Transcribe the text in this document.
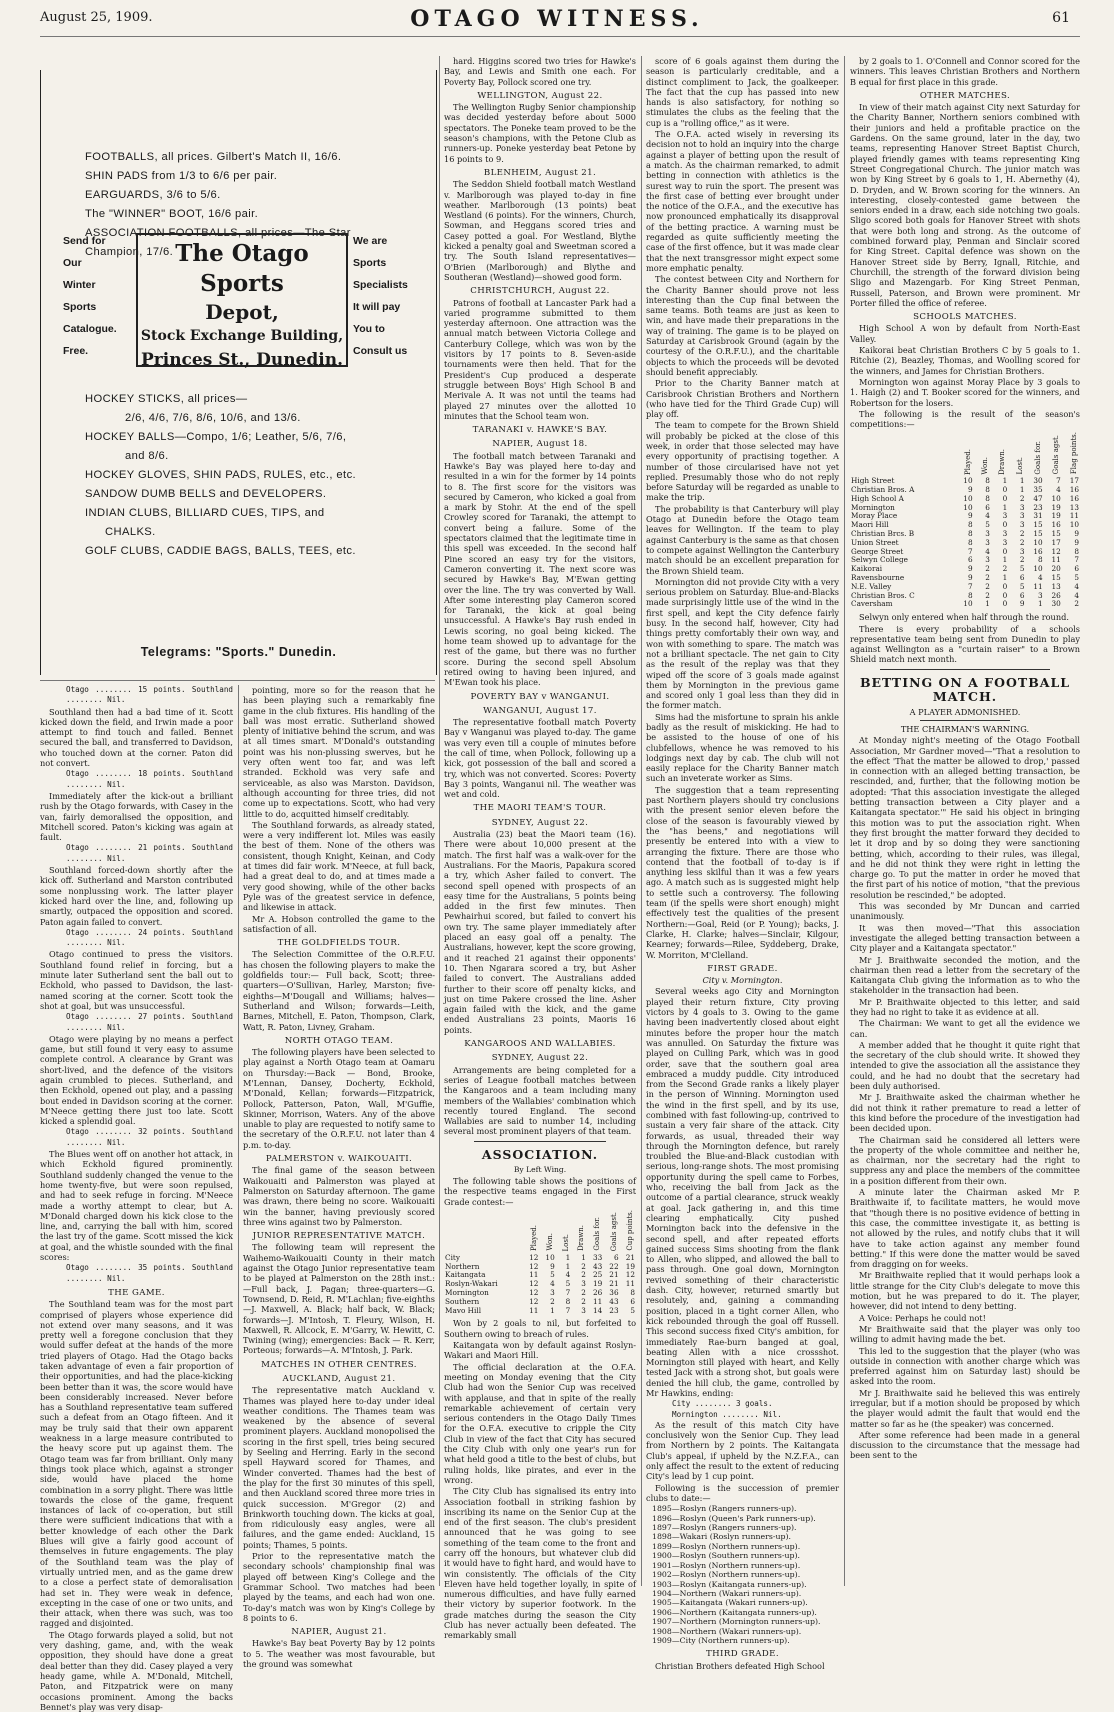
August 25, 1909.	OTAGO WITNESS.	61
FOOTBALLS, all prices. Gilbert's Match II, 16/6.
SHIN PADS from 1/3 to 6/6 per pair.
EARGUARDS, 3/6 to 5/6.
The "WINNER" BOOT, 16/6 pair.
ASSOCIATION FOOTBALLS, all prices—The Star
Champion, 17/6.
Send for
Our
Winter
Sports
Catalogue.
Free.
The Otago Sports
Depot,
Stock Exchange Building,
Princes St., Dunedin.
We are
Sports
Specialists
It will pay
You to
Consult us
HOCKEY STICKS, all prices—
2/6, 4/6, 7/6, 8/6, 10/6, and 13/6.
HOCKEY BALLS—Compo, 1/6; Leather, 5/6, 7/6,
and 8/6.
HOCKEY GLOVES, SHIN PADS, RULES, etc., etc.
SANDOW DUMB BELLS and DEVELOPERS.
INDIAN CLUBS, BILLIARD CUES, TIPS, and
CHALKS.
GOLF CLUBS, CADDIE BAGS, BALLS, TEES, etc.
Telegrams: "Sports." Dunedin.

Otago ........ 15 points. Southland ........ Nil.

Southland then had a bad time of it. Scott kicked down the field, and Irwin made a poor attempt to find touch and failed. Bennet secured the ball, and transferred to Davidson, who touched down at the corner. Paton did not convert.

Otago ........ 18 points. Southland ........ Nil.

Immediately after the kick-out a brilliant rush by the Otago forwards, with Casey in the van, fairly demoralised the opposition, and Mitchell scored. Paton's kicking was again at fault.

Otago ........ 21 points. Southland ........ Nil.

Southland forced-down shortly after the kick off. Sutherland and Marston contributed some nonplussing work. The latter player kicked hard over the line, and, following up smartly, outpaced the opposition and scored. Paton again failed to convert.

Otago ........ 24 points. Southland ........ Nil.

Otago continued to press the visitors. Southland found relief in forcing, but a minute later Sutherland sent the ball out to Eckhold, who passed to Davidson, the last-named scoring at the corner. Scott took the shot at goal, but was unsuccessful.

Otago ........ 27 points. Southland ........ Nil.

Otago were playing by no means a perfect game, but still found it very easy to assume complete control. A clearance by Grant was short-lived, and the defence of the visitors again crumbled to pieces. Sutherland, and then Eckhold, opened out play, and a passing bout ended in Davidson scoring at the corner. M'Neece getting there just too late. Scott kicked a splendid goal.

Otago ........ 32 points. Southland ........ Nil.

The Blues went off on another hot attack, in which Eckhold figured prominently. Southland suddenly changed the venue to the home twenty-five, but were soon repulsed, and had to seek refuge in forcing. M'Neece made a worthy attempt to clear, but A. M'Donald charged down his kick close to the line, and, carrying the ball with him, scored the last try of the game. Scott missed the kick at goal, and the whistle sounded with the final scores:

Otago ........ 35 points. Southland ........ Nil.

THE GAME.

The Southland team was for the most part comprised of players whose experience did not extend over many seasons, and it was pretty well a foregone conclusion that they would suffer defeat at the hands of the more tried players of Otago. Had the Otago backs taken advantage of even a fair proportion of their opportunities, and had the place-kicking been better than it was, the score would have been considerably increased. Never before has a Southland representative team suffered such a defeat from an Otago fifteen. And it may be truly said that their own apparent weakness in a large measure contributed to the heavy score put up against them. The Otago team was far from brilliant. Only many things took place which, against a stronger side, would have placed the home combination in a sorry plight. There was little towards the close of the game, frequent instances of lack of co-operation, but still there were sufficient indications that with a better knowledge of each other the Dark Blues will give a fairly good account of themselves in future engagements. The play of the Southland team was the play of virtually untried men, and as the game drew to a close a perfect state of demoralisation had set in. They were weak in defence, excepting in the case of one or two units, and their attack, when there was such, was too ragged and disjointed.

The Otago forwards played a solid, but not very dashing, game, and, with the weak opposition, they should have done a great deal better than they did. Casey played a very heady game, while A. M'Donald, Mitchell, Paton, and Fitzpatrick were on many occasions prominent. Among the backs Bennet's play was very disap-

pointing, more so for the reason that he has been playing such a remarkably fine game in the club fixtures. His handling of the ball was most erratic. Sutherland showed plenty of initiative behind the scrum, and was at all times smart. M'Donald's outstanding point was his non-plussing swerves, but he very often went too far, and was left stranded. Eckhold was very safe and serviceable, as also was Marston. Davidson, although accounting for three tries, did not come up to expectations. Scott, who had very little to do, acquitted himself creditably.

The Southland forwards, as already stated, were a very indifferent lot. Miles was easily the best of them. None of the others was consistent, though Knight, Keinan, and Cody at times did fair work. M'Neece, at full back, had a great deal to do, and at times made a very good showing, while of the other backs Pyle was of the greatest service in defence, and likewise in attack.

Mr A. Hobson controlled the game to the satisfaction of all.

THE GOLDFIELDS TOUR.

The Selection Committee of the O.R.F.U. has chosen the following players to make the goldfields tour:— Full back, Scott; three-quarters—O'Sullivan, Harley, Marston; five-eighths—M'Dougall and Williams; halves—Sutherland and Wilson; forwards—Leith, Barnes, Mitchell, E. Paton, Thompson, Clark, Watt, R. Paton, Livney, Graham.

NORTH OTAGO TEAM.

The following players have been selected to play against a North Otago team at Oamaru on Thursday:—Back — Bond, Brooke, M'Lennan, Dansey, Docherty, Eckhold, M'Donald, Kellan; forwards—Fitzpatrick, Pollock, Patterson, Paton, Wall, M'Guffie, Skinner, Morrison, Waters. Any of the above unable to play are requested to notify same to the secretary of the O.R.F.U. not later than 4 p.m. to-day.

PALMERSTON v. WAIKOUAITI.

The final game of the season between Waikouaiti and Palmerston was played at Palmerston on Saturday afternoon. The game was drawn, there being no score. Waikouaiti win the banner, having previously scored three wins against two by Palmerston.

JUNIOR REPRESENTATIVE MATCH.

The following team will represent the Waihemo-Waikouaiti County in their match against the Otago Junior representative team to be played at Palmerston on the 28th inst.:—Full back, J. Pagan; three-quarters—G. Townsend, D. Reid, R. M'Lachlan; five-eighths—J. Maxwell, A. Black; half back, W. Black; forwards—J. M'Intosh, T. Fleury, Wilson, H. Maxwell, R. Allcock, E. M'Garry, W. Hewitt, C. Twining (wing); emergencies: Back — R. Kerr, Porteous; forwards—A. M'Intosh, J. Park.

MATCHES IN OTHER CENTRES.

AUCKLAND, August 21.

The representative match Auckland v. Thames was played here to-day under ideal weather conditions. The Thames team was weakened by the absence of several prominent players. Auckland monopolised the scoring in the first spell, tries being secured by Seeling and Herring. Early in the second spell Hayward scored for Thames, and Winder converted. Thames had the best of the play for the first 30 minutes of this spell, and then Auckland scored three more tries in quick succession. M'Gregor (2) and Brinkworth touching down. The kicks at goal, from ridiculously easy angles, were all failures, and the game ended: Auckland, 15 points; Thames, 5 points.

Prior to the representative match the secondary schools' championship final was played off between King's College and the Grammar School. Two matches had been played by the teams, and each had won one. To-day's match was won by King's College by 8 points to 6.

NAPIER, August 21.

Hawke's Bay beat Poverty Bay by 12 points to 5. The weather was most favourable, but the ground was somewhat

hard. Higgins scored two tries for Hawke's Bay, and Lewis and Smith one each. For Poverty Bay, Pollock scored one try.

WELLINGTON, August 22.

The Wellington Rugby Senior championship was decided yesterday before about 5000 spectators. The Poneke team proved to be the season's champions, with the Petone Club as runners-up. Poneke yesterday beat Petone by 16 points to 9.

BLENHEIM, August 21.

The Seddon Shield football match Westland v. Marlborough was played to-day in fine weather. Marlborough (13 points) beat Westland (6 points). For the winners, Church, Sowman, and Heggans scored tries and Casey potted a goal. For Westland, Blythe kicked a penalty goal and Sweetman scored a try. The South Island representatives—O'Brien (Marlborough) and Blythe and Southeran (Westland)—showed good form.

CHRISTCHURCH, August 22.

Patrons of football at Lancaster Park had a varied programme submitted to them yesterday afternoon. One attraction was the annual match between Victoria College and Canterbury College, which was won by the visitors by 17 points to 8. Seven-aside tournaments were then held. That for the President's Cup produced a desperate struggle between Boys' High School B and Merivale A. It was not until the teams had played 27 minutes over the allotted 10 minutes that the School team won.

TARANAKI v. HAWKE'S BAY.

NAPIER, August 18.

The football match between Taranaki and Hawke's Bay was played here to-day and resulted in a win for the former by 14 points to 8. The first score for the visitors was secured by Cameron, who kicked a goal from a mark by Stohr. At the end of the spell Crowley scored for Taranaki, the attempt to convert being a failure. Some of the spectators claimed that the legitimate time in this spell was exceeded. In the second half Pine scored an easy try for the visitors, Cameron converting it. The next score was secured by Hawke's Bay, M'Ewan getting over the line. The try was converted by Wall. After some interesting play Cameron scored for Taranaki, the kick at goal being unsuccessful. A Hawke's Bay rush ended in Lewis scoring, no goal being kicked. The home team showed up to advantage for the rest of the game, but there was no further score. During the second spell Absolum retired owing to having been injured, and M'Ewan took his place.

POVERTY BAY v WANGANUI.

WANGANUI, August 17.

The representative football match Poverty Bay v Wanganui was played to-day. The game was very even till a couple of minutes before the call of time, when Pollock, following up a kick, got possession of the ball and scored a try, which was not converted. Scores: Poverty Bay 3 points, Wanganui nil. The weather was wet and cold.

THE MAORI TEAM'S TOUR.

SYDNEY, August 22.

Australia (23) beat the Maori team (16). There were about 10,000 present at the match. The first half was a walk-over for the Australians. For the Maoris, Papakura scored a try, which Asher failed to convert. The second spell opened with prospects of an easy time for the Australians, 5 points being added in the first few minutes. Then Pewhairhui scored, but failed to convert his own try. The same player immediately after placed an easy goal off a penalty. The Australians, however, kept the score growing, and it reached 21 against their opponents' 10. Then Ngarara scored a try, but Asher failed to convert. The Australians added further to their score off penalty kicks, and just on time Pakere crossed the line. Asher again failed with the kick, and the game ended Australians 23 points, Maoris 16 points.

KANGAROOS AND WALLABIES.

SYDNEY, August 22.

Arrangements are being completed for a series of League football matches between the Kangaroos and a team including many members of the Wallabies' combination which recently toured England. The second Wallabies are said to number 14, including several most prominent players of that team.

ASSOCIATION.

By Left Wing.

The following table shows the positions of the respective teams engaged in the First Grade contest:—

	Played.	Won.	Lost.	Drawn.	Goals for.	Goals agst.	Cup points.
City	12	10	1	1	33	6	21
Northern	12	9	1	2	43	22	19
Kaitangata	11	5	4	2	25	21	12
Roslyn-Wakari	12	4	5	3	19	21	11
Mornington	12	3	7	2	26	36	8
Southern	12	2	8	2	11	43	6
Mavo Hill	11	1	7	3	14	23	5

Won by 2 goals to nil, but forfeited to Southern owing to breach of rules.

Kaitangata won by default against Roslyn-Wakari and Maori Hill.

The official declaration at the O.F.A. meeting on Monday evening that the City Club had won the Senior Cup was received with applause, and that in spite of the really remarkable achievement of certain very serious contenders in the Otago Daily Times for the O.F.A. executive to cripple the City Club in view of the fact that City has secured the City Club with only one year's run for what held good a title to the best of clubs, but ruling holds, like pirates, and ever in the wrong.

The City Club has signalised its entry into Association football in striking fashion by inscribing its name on the Senior Cup at the end of the first season. The club's president announced that he was going to see something of the team come to the front and carry off the honours, but whatever club did it would have to fight hard, and would have to win consistently. The officials of the City Eleven have held together loyally, in spite of numerous difficulties, and have fully earned their victory by superior footwork. In the grade matches during the season the City Club has never actually been defeated. The remarkably small

score of 6 goals against them during the season is particularly creditable, and a distinct compliment to Jack, the goalkeeper. The fact that the cup has passed into new hands is also satisfactory, for nothing so stimulates the clubs as the feeling that the cup is a "rolling office," as it were.

The O.F.A. acted wisely in reversing its decision not to hold an inquiry into the charge against a player of betting upon the result of a match. As the chairman remarked, to admit betting in connection with athletics is the surest way to ruin the sport. The present was the first case of betting ever brought under the notice of the O.F.A., and the executive has now pronounced emphatically its disapproval of the betting practice. A warning must be regarded as quite sufficiently meeting the case of the first offence, but it was made clear that the next transgressor might expect some more emphatic penalty.

The contest between City and Northern for the Charity Banner should prove not less interesting than the Cup final between the same teams. Both teams are just as keen to win, and have made their preparations in the way of training. The game is to be played on Saturday at Carisbrook Ground (again by the courtesy of the O.R.F.U.), and the charitable objects to which the proceeds will be devoted should benefit appreciably.

Prior to the Charity Banner match at Carisbrook Christian Brothers and Northern (who have tied for the Third Grade Cup) will play off.

The team to compete for the Brown Shield will probably be picked at the close of this week, in order that those selected may have every opportunity of practising together. A number of those circularised have not yet replied. Presumably those who do not reply before Saturday will be regarded as unable to make the trip.

The probability is that Canterbury will play Otago at Dunedin before the Otago team leaves for Wellington. If the team to play against Canterbury is the same as that chosen to compete against Wellington the Canterbury match should be an excellent preparation for the Brown Shield team.

Mornington did not provide City with a very serious problem on Saturday. Blue-and-Blacks made surprisingly little use of the wind in the first spell, and kept the City defence fairly busy. In the second half, however, City had things pretty comfortably their own way, and won with something to spare. The match was not a brilliant spectacle. The net gain to City as the result of the replay was that they wiped off the score of 3 goals made against them by Mornington in the previous game and scored only 1 goal less than they did in the former match.

Sims had the misfortune to sprain his ankle badly as the result of miskicking. He had to be assisted to the house of one of his clubfellows, whence he was removed to his lodgings next day by cab. The club will not easily replace for the Charity Banner match such an inveterate worker as Sims.

The suggestion that a team representing past Northern players should try conclusions with the present senior eleven before the close of the season is favourably viewed by the "has beens," and negotiations will presently be entered into with a view to arranging the fixture. There are those who contend that the football of to-day is if anything less skilful than it was a few years ago. A match such as is suggested might help to settle such a controversy. The following team (if the spells were short enough) might effectively test the qualities of the present Northern:—Goal, Reid (or P. Young); backs, J. Clarke, H. Clarke; halves—Sinclair, Kilgour, Kearney; forwards—Rilee, Syddeberg, Drake, W. Morriton, M'Clelland.

FIRST GRADE.

City v. Mornington.

Several weeks ago City and Mornington played their return fixture, City proving victors by 4 goals to 3. Owing to the game having been inadvertently closed about eight minutes before the proper hour the match was annulled. On Saturday the fixture was played on Culling Park, which was in good order, save that the southern goal area embraced a muddy puddle. City introduced from the Second Grade ranks a likely player in the person of Winning. Mornington used the wind in the first spell, and by its use, combined with fast following-up, contrived to sustain a very fair share of the attack. City forwards, as usual, threaded their way through the Mornington defence, but rarely troubled the Blue-and-Black custodian with serious, long-range shots. The most promising opportunity during the spell came to Forbes, who, receiving the ball from Jack as the outcome of a partial clearance, struck weakly at goal. Jack gathering in, and this time clearing emphatically. City pushed Mornington back into the defensive in the second spell, and after repeated efforts gained success Sims shooting from the flank to Allen, who slipped, and allowed the ball to pass through. One goal down, Mornington revived something of their characteristic dash. City, however, returned smartly but resolutely, and, gaining a commanding position, placed in a tight corner Allen, who kick rebounded through the goal off Russell. This second success fixed City's ambition, for immediately Rae-burn banged at goal, beating Allen with a nice crossshot. Mornington still played with heart, and Kelly tested Jack with a strong shot, but goals were denied the hill club, the game, controlled by Mr Hawkins, ending:

City ........ 3 goals.
Mornington ........ Nil.

As the result of this match City have conclusively won the Senior Cup. They lead from Northern by 2 points. The Kaitangata Club's appeal, if upheld by the N.Z.F.A., can only affect the result to the extent of reducing City's lead by 1 cup point.

Following is the succession of premier clubs to date:—

1895—Roslyn (Rangers runners-up).
1896—Roslyn (Queen's Park runners-up).
1897—Roslyn (Rangers runners-up).
1898—Wakari (Roslyn runners-up).
1899—Roslyn (Northern runners-up).
1900—Roslyn (Southern runners-up).
1901—Roslyn (Northern runners-up).
1902—Roslyn (Northern runners-up).
1903—Roslyn (Kaitangata runners-up).
1904—Northern (Wakari runners-up).
1905—Kaitangata (Wakari runners-up).
1906—Northern (Kaitangata runners-up).
1907—Northern (Mornington runners-up).
1908—Northern (Wakari runners-up).
1909—City (Northern runners-up).

THIRD GRADE.

Christian Brothers defeated High School

by 2 goals to 1. O'Connell and Connor scored for the winners. This leaves Christian Brothers and Northern B equal for first place in this grade.

OTHER MATCHES.

In view of their match against City next Saturday for the Charity Banner, Northern seniors combined with their juniors and held a profitable practice on the Gardens. On the same ground, later in the day, two teams, representing Hanover Street Baptist Church, played friendly games with teams representing King Street Congregational Church. The junior match was won by King Street by 6 goals to 1, H. Abernethy (4), D. Dryden, and W. Brown scoring for the winners. An interesting, closely-contested game between the seniors ended in a draw, each side notching two goals. Sligo scored both goals for Hanover Street with shots that were both long and strong. As the outcome of combined forward play, Penman and Sinclair scored for King Street. Capital defence was shown on the Hanover Street side by Berry, Ignall, Ritchie, and Churchill, the strength of the forward division being Sligo and Mazengarb. For King Street Penman, Russell, Paterson, and Brown were prominent. Mr Porter filled the office of referee.

SCHOOLS MATCHES.

High School A won by default from North-East Valley.

Kaikorai beat Christian Brothers C by 5 goals to 1. Ritchie (2), Beazley, Thomas, and Woolling scored for the winners, and James for Christian Brothers.

Mornington won against Moray Place by 3 goals to 1. Haigh (2) and T. Booker scored for the winners, and Robertson for the losers.

The following is the result of the season's competitions:—

	Played.	Won.	Drawn.	Lost.	Goals for.	Goals agst.	Flag points.
High Street	10	8	1	1	30	7	17
Christian Bros. A	9	8	0	1	35	4	16
High School A	10	8	0	2	47	10	16
Mornington	10	6	1	3	23	19	13
Moray Place	9	4	3	3	31	19	11
Maori Hill	8	5	0	3	15	16	10
Christian Brcs. B	8	3	3	2	15	15	9
Union Street	8	3	3	2	10	17	9
George Street	7	4	0	3	16	12	8
Selwyn College	6	3	1	2	8	11	7
Kaikorai	9	2	2	5	10	20	6
Ravensbourne	9	2	1	6	4	15	5
N.E. Valley	7	2	0	5	11	13	4
Christian Bros. C	8	2	0	6	3	26	4
Caversham	10	1	0	9	1	30	2

Selwyn only entered when half through the round.

There is every probability of a schools representative team being sent from Dunedin to play against Wellington as a "curtain raiser" to a Brown Shield match next month.

BETTING ON A FOOTBALL MATCH.

A PLAYER ADMONISHED.

THE CHAIRMAN'S WARNING.

At Monday night's meeting of the Otago Football Association, Mr Gardner moved—"That a resolution to the effect 'That the matter be allowed to drop,' passed in connection with an alleged betting transaction, be rescinded, and, further, that the following motion be adopted: 'That this association investigate the alleged betting transaction between a City player and a Kaitangata spectator.'" He said his object in bringing this motion was to put the association right. When they first brought the matter forward they decided to let it drop and by so doing they were sanctioning betting, which, according to their rules, was illegal, and he did not think they were right in letting the charge go. To put the matter in order he moved that the first part of his notice of motion, "that the previous resolution be rescinded," be adopted.

This was seconded by Mr Duncan and carried unanimously.

It was then moved—"That this association investigate the alleged betting transaction between a City player and a Kaitangata spectator."

Mr J. Braithwaite seconded the motion, and the chairman then read a letter from the secretary of the Kaitangata Club giving the information as to who the stakeholder in the transaction had been.

Mr P. Braithwaite objected to this letter, and said they had no right to take it as evidence at all.

The Chairman: We want to get all the evidence we can.

A member added that he thought it quite right that the secretary of the club should write. It showed they intended to give the association all the assistance they could, and he had no doubt that the secretary had been duly authorised.

Mr J. Braithwaite asked the chairman whether he did not think it rather premature to read a letter of this kind before the procedure of the investigation had been decided upon.

The Chairman said he considered all letters were the property of the whole committee and neither he, as chairman, nor the secretary had the right to suppress any and place the members of the committee in a position different from their own.

A minute later the Chairman asked Mr P. Braithwaite if, to facilitate matters, he would move that "though there is no positive evidence of betting in this case, the committee investigate it, as betting is not allowed by the rules, and notify clubs that it will have to take action against any member found betting." If this were done the matter would be saved from dragging on for weeks.

Mr Braithwaite replied that it would perhaps look a little strange for the City Club's delegate to move this motion, but he was prepared to do it. The player, however, did not intend to deny betting.

A Voice: Perhaps he could not!

Mr Braithwaite said that the player was only too willing to admit having made the bet.

This led to the suggestion that the player (who was outside in connection with another charge which was preferred against him on Saturday last) should be asked into the room.

Mr J. Braithwaite said he believed this was entirely irregular, but if a motion should be proposed by which the player would admit the fault that would end the matter so far as he (the speaker) was concerned.

After some reference had been made in a general discussion to the circumstance that the message had been sent to the
